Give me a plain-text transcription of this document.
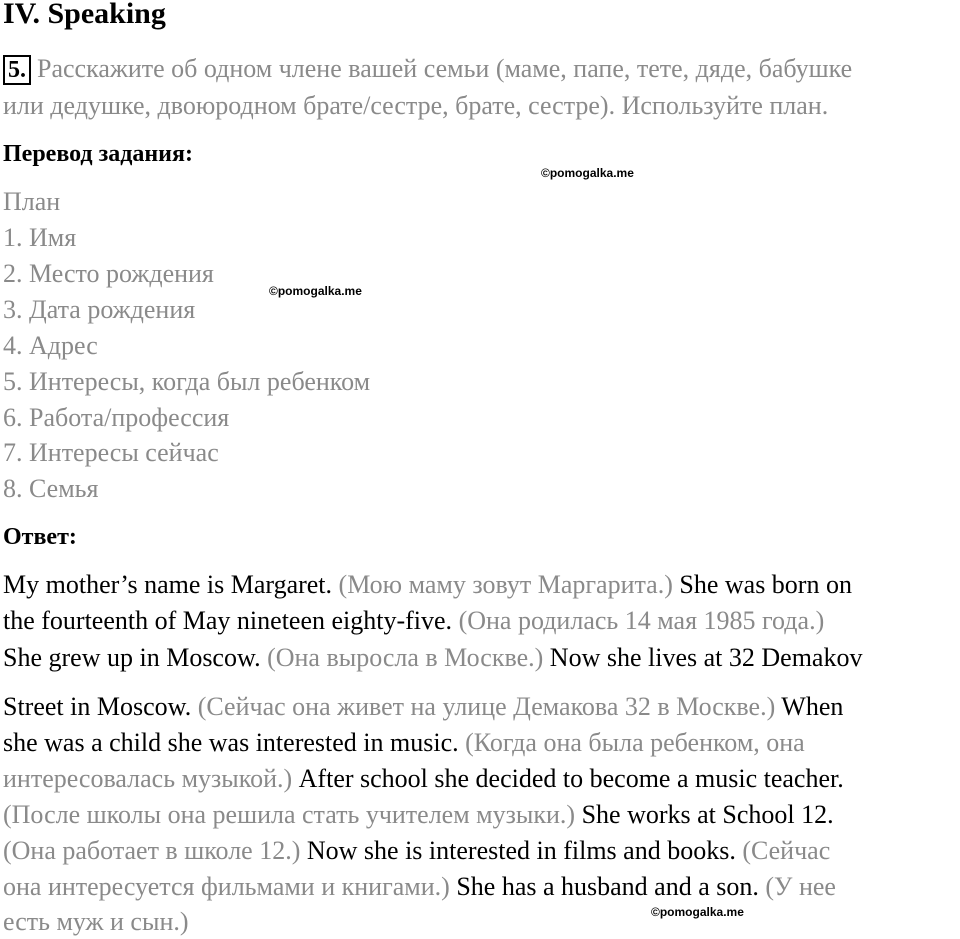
IV. Speaking
5. Расскажите об одном члене вашей семьи (маме, папе, тете, дяде, бабушке
или дедушке, двоюродном брате/сестре, брате, сестре). Используйте план.
Перевод задания:
©pomogalka.me
©pomogalka.me
©pomogalka.me
План
1. Имя
2. Место рождения
3. Дата рождения
4. Адрес
5. Интересы, когда был ребенком
6. Работа/профессия
7. Интересы сейчас
8. Семья
Ответ:
My mother’s name is Margaret. (Мою маму зовут Маргарита.) She was born on
the fourteenth of May nineteen eighty-five. (Она родилась 14 мая 1985 года.)
She grew up in Moscow. (Она выросла в Москве.) Now she lives at 32 Demakov
Street in Moscow. (Сейчас она живет на улице Демакова 32 в Москве.) When
she was a child she was interested in music. (Когда она была ребенком, она
интересовалась музыкой.) After school she decided to become a music teacher.
(После школы она решила стать учителем музыки.) She works at School 12.
(Она работает в школе 12.) Now she is interested in films and books. (Сейчас
она интересуется фильмами и книгами.) She has a husband and a son. (У нее
есть муж и сын.)
